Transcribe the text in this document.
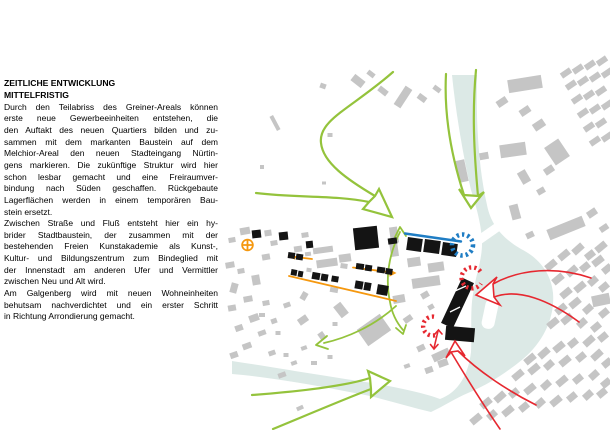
ZEITLICHE ENTWICKLUNG
MITTELFRISTIG
Durch den Teilabriss des Greiner-Areals können
erste neue Gewerbeeinheiten entstehen, die
den Auftakt des neuen Quartiers bilden und zu-
sammen mit dem markanten Baustein auf dem
Melchior-Areal den neuen Stadteingang Nürtin-
gens markieren. Die zukünftige Struktur wird hier
schon lesbar gemacht und eine Freiraumver-
bindung nach Süden geschaffen. Rückgebaute
Lagerflächen werden in einem temporären Bau-
stein ersetzt.
Zwischen Straße und Fluß entsteht hier ein hy-
brider Stadtbaustein, der zusammen mit der
bestehenden Freien Kunstakademie als Kunst-,
Kultur- und Bildungszentrum zum Bindeglied mit
der Innenstadt am anderen Ufer und Vermittler
zwischen Neu und Alt wird.
Am Galgenberg wird mit neuen Wohneinheiten
behutsam nachverdichtet und ein erster Schritt
in Richtung Arrondierung gemacht.
